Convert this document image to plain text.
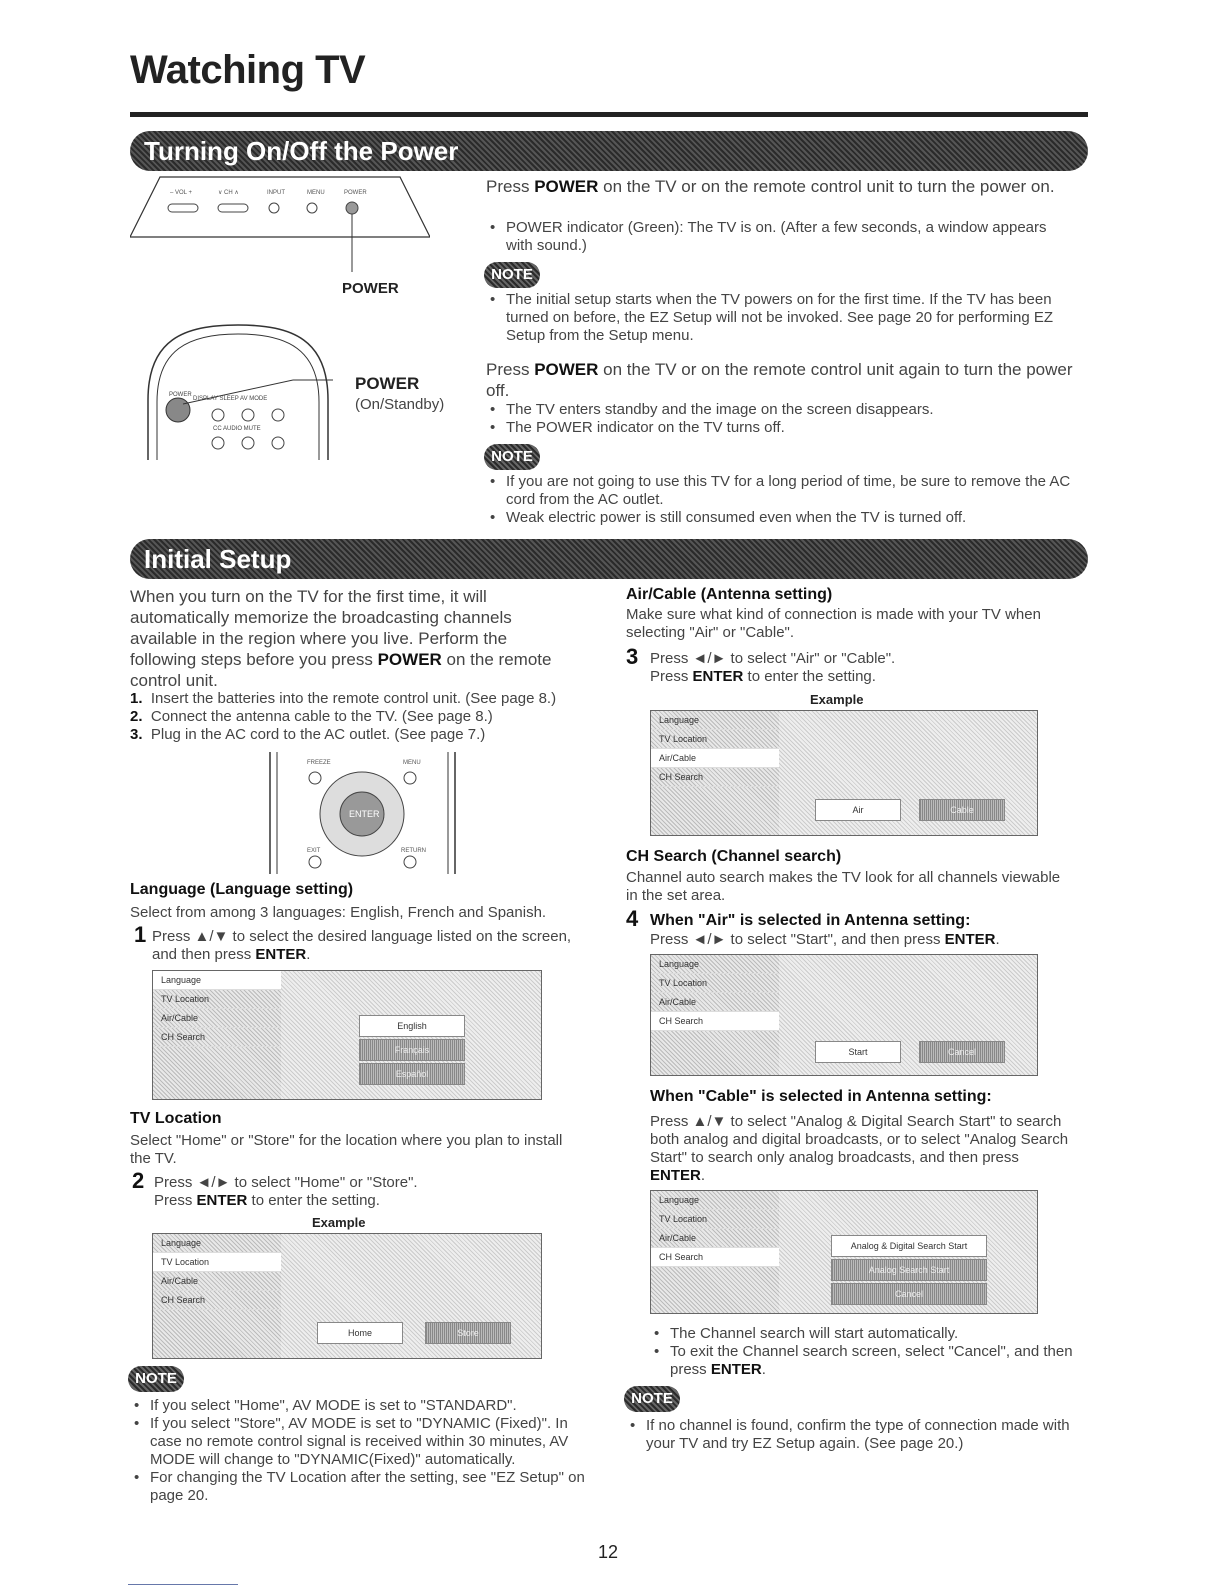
Watching TV
Turning On/Off the Power
– VOL +	∨ CH ∧	INPUT	MENU	POWER
POWER
POWER
DISPLAY SLEEP AV MODE
CC AUDIO MUTE
POWER
(On/Standby)
Press POWER on the TV or on the remote control unit to turn the power on.
• POWER indicator (Green): The TV is on. (After a few seconds, a window appears with sound.)
NOTE
• The initial setup starts when the TV powers on for the first time. If the TV has been turned on before, the EZ Setup will not be invoked. See page 20 for performing EZ Setup from the Setup menu.
Press POWER on the TV or on the remote control unit again to turn the power off.
• The TV enters standby and the image on the screen disappears.
• The POWER indicator on the TV turns off.
NOTE
• If you are not going to use this TV for a long period of time, be sure to remove the AC cord from the AC outlet.
• Weak electric power is still consumed even when the TV is turned off.
Initial Setup
When you turn on the TV for the first time, it will automatically memorize the broadcasting channels available in the region where you live. Perform the following steps before you press POWER on the remote control unit.
1. Insert the batteries into the remote control unit. (See page 8.)
2. Connect the antenna cable to the TV. (See page 8.)
3. Plug in the AC cord to the AC outlet. (See page 7.)
FREEZE	MENU
ENTER
EXIT	RETURN
Language (Language setting)
Select from among 3 languages: English, French and Spanish.
1 Press ▲/▼ to select the desired language listed on the screen, and then press ENTER.
Language
TV Location
Air/Cable
CH Search
English
Français
Español
TV Location
Select "Home" or "Store" for the location where you plan to install the TV.
2 Press ◄/► to select "Home" or "Store".
Press ENTER to enter the setting.
Example
Language
TV Location
Air/Cable
CH Search
Home	Store
NOTE
• If you select "Home", AV MODE is set to "STANDARD".
• If you select "Store", AV MODE is set to "DYNAMIC (Fixed)". In case no remote control signal is received within 30 minutes, AV MODE will change to "DYNAMIC(Fixed)" automatically.
• For changing the TV Location after the setting, see "EZ Setup" on page 20.
Air/Cable (Antenna setting)
Make sure what kind of connection is made with your TV when selecting "Air" or "Cable".
3 Press ◄/► to select "Air" or "Cable".
Press ENTER to enter the setting.
Example
Language
TV Location
Air/Cable
CH Search
Air	Cable
CH Search (Channel search)
Channel auto search makes the TV look for all channels viewable in the set area.
4 When "Air" is selected in Antenna setting:
Press ◄/► to select "Start", and then press ENTER.
Language
TV Location
Air/Cable
CH Search
Start	Cancel
When "Cable" is selected in Antenna setting:
Press ▲/▼ to select "Analog & Digital Search Start" to search both analog and digital broadcasts, or to select "Analog Search Start" to search only analog broadcasts, and then press ENTER.
Language
TV Location
Air/Cable
CH Search
Analog & Digital Search Start
Analog Search Start
Cancel
• The Channel search will start automatically.
• To exit the Channel search screen, select "Cancel", and then press ENTER.
NOTE
• If no channel is found, confirm the type of connection made with your TV and try EZ Setup again. (See page 20.)
12
